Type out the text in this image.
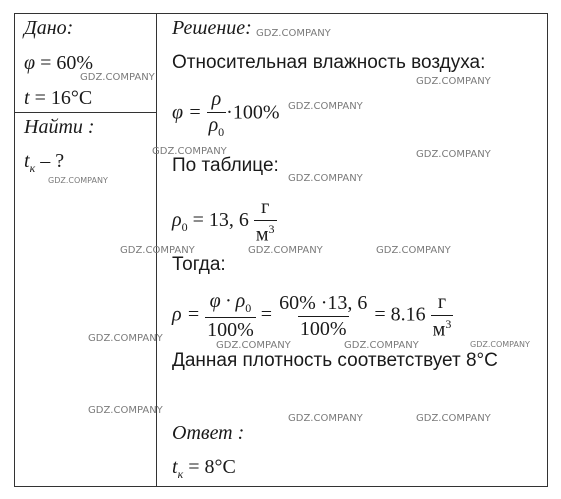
Дано:
φ = 60%
t = 16°C
Найти :
$t_к$ – ?
Решение:
Относительная влажность воздуха:
$\varphi = \frac{\rho}{\rho_0} \cdot 100\%$
По таблице:
$\rho_0 = 13$, $6 \frac{г}{м^3}$
Тогда:
$\rho = \frac{\varphi \cdot \rho_0}{100\%} = \frac{60\% \cdot 13, 6}{100\%} = 8.16 \frac{г}{м^3}$
Данная плотность соответствует 8°C
Ответ :
$t_к = 8^\circ C$
GDZ.COMPANY
GDZ.COMPANY	GDZ.COMPANY
GDZ.COMPANY
GDZ.COMPANY	GDZ.COMPANY
GDZ.COMPANY	GDZ.COMPANY
GDZ.COMPANY	GDZ.COMPANY	GDZ.COMPANY
GDZ.COMPANY
GDZ.COMPANY	GDZ.COMPANY	GDZ.COMPANY
GDZ.COMPANY
GDZ.COMPANY	GDZ.COMPANY
